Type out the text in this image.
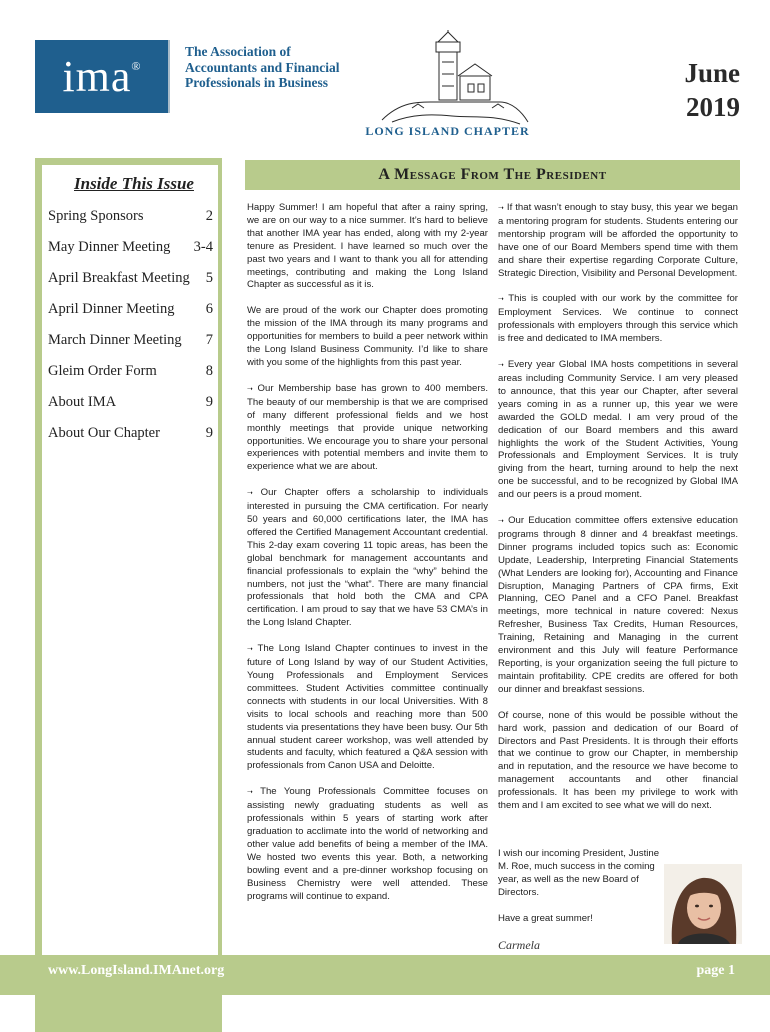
ima®
The Association of Accountants and Financial Professionals in Business
LONG ISLAND CHAPTER
June
2019
Inside This Issue
Spring Sponsors	2
May Dinner Meeting 3-4
April Breakfast Meeting 5
April Dinner Meeting 6
March Dinner Meeting 7
Gleim Order Form	8
About IMA	9
About Our Chapter	9
A Message From The President

Happy Summer! I am hopeful that after a rainy spring, we are on our way to a nice summer. It’s hard to believe that another IMA year has ended, along with my 2-year tenure as President. I have learned so much over the past two years and I want to thank you all for attending meetings, contributing and making the Long Island Chapter as successful as it is.

We are proud of the work our Chapter does promoting the mission of the IMA through its many programs and opportunities for members to build a peer network within the Long Island Business Community. I’d like to share with you some of the highlights from this past year.

➝ Our Membership base has grown to 400 members. The beauty of our membership is that we are comprised of many different professional fields and we host monthly meetings that provide unique networking opportunities. We encourage you to share your personal experiences with potential members and invite them to experience what we are about.

➝ Our Chapter offers a scholarship to individuals interested in pursuing the CMA certification. For nearly 50 years and 60,000 certifications later, the IMA has offered the Certified Management Accountant credential. This 2-day exam covering 11 topic areas, has been the global benchmark for management accountants and financial professionals to explain the “why” behind the numbers, not just the “what”. There are many financial professionals that hold both the CMA and CPA certification. I am proud to say that we have 53 CMA’s in the Long Island Chapter.

➝ The Long Island Chapter continues to invest in the future of Long Island by way of our Student Activities, Young Professionals and Employment Services committees. Student Activities committee continually connects with students in our local Universities. With 8 visits to local schools and reaching more than 500 students via presentations they have been busy. Our 5th annual student career workshop, was well attended by students and faculty, which featured a Q&A session with professionals from Canon USA and Deloitte.

➝ The Young Professionals Committee focuses on assisting newly graduating students as well as professionals within 5 years of starting work after graduation to acclimate into the world of networking and other value add benefits of being a member of the IMA. We hosted two events this year. Both, a networking bowling event and a pre-dinner workshop focusing on Business Chemistry were well attended. These programs will continue to expand.

➝ If that wasn’t enough to stay busy, this year we began a mentoring program for students. Students entering our mentorship program will be afforded the opportunity to have one of our Board Members spend time with them and share their expertise regarding Corporate Culture, Strategic Direction, Visibility and Personal Development.

➝ This is coupled with our work by the committee for Employment Services. We continue to connect professionals with employers through this service which is free and dedicated to IMA members.

➝ Every year Global IMA hosts competitions in several areas including Community Service. I am very pleased to announce, that this year our Chapter, after several years coming in as a runner up, this year we were awarded the GOLD medal. I am very proud of the dedication of our Board members and this award highlights the work of the Student Activities, Young Professionals and Employment Services. It is truly giving from the heart, turning around to help the next one be successful, and to be recognized by Global IMA and our peers is a proud moment.

➝ Our Education committee offers extensive education programs through 8 dinner and 4 breakfast meetings. Dinner programs included topics such as: Economic Update, Leadership, Interpreting Financial Statements (What Lenders are looking for), Accounting and Finance Disruption, Managing Partners of CPA firms, Exit Planning, CEO Panel and a CFO Panel. Breakfast meetings, more technical in nature covered: Nexus Refresher, Business Tax Credits, Human Resources, Training, Retaining and Managing in the current environment and this July will feature Performance Reporting, is your organization seeing the full picture to maintain profitability. CPE credits are offered for both our dinner and breakfast sessions.

Of course, none of this would be possible without the hard work, passion and dedication of our Board of Directors and Past Presidents. It is through their efforts that we continue to grow our Chapter, in membership and in reputation, and the resource we have become to management accountants and other financial professionals. It has been my privilege to work with them and I am excited to see what we will do next.

I wish our incoming President, Justine M. Roe, much success in the coming year, as well as the new Board of Directors.

Have a great summer!

Carmela

www.LongIsland.IMAnet.org	page 1
